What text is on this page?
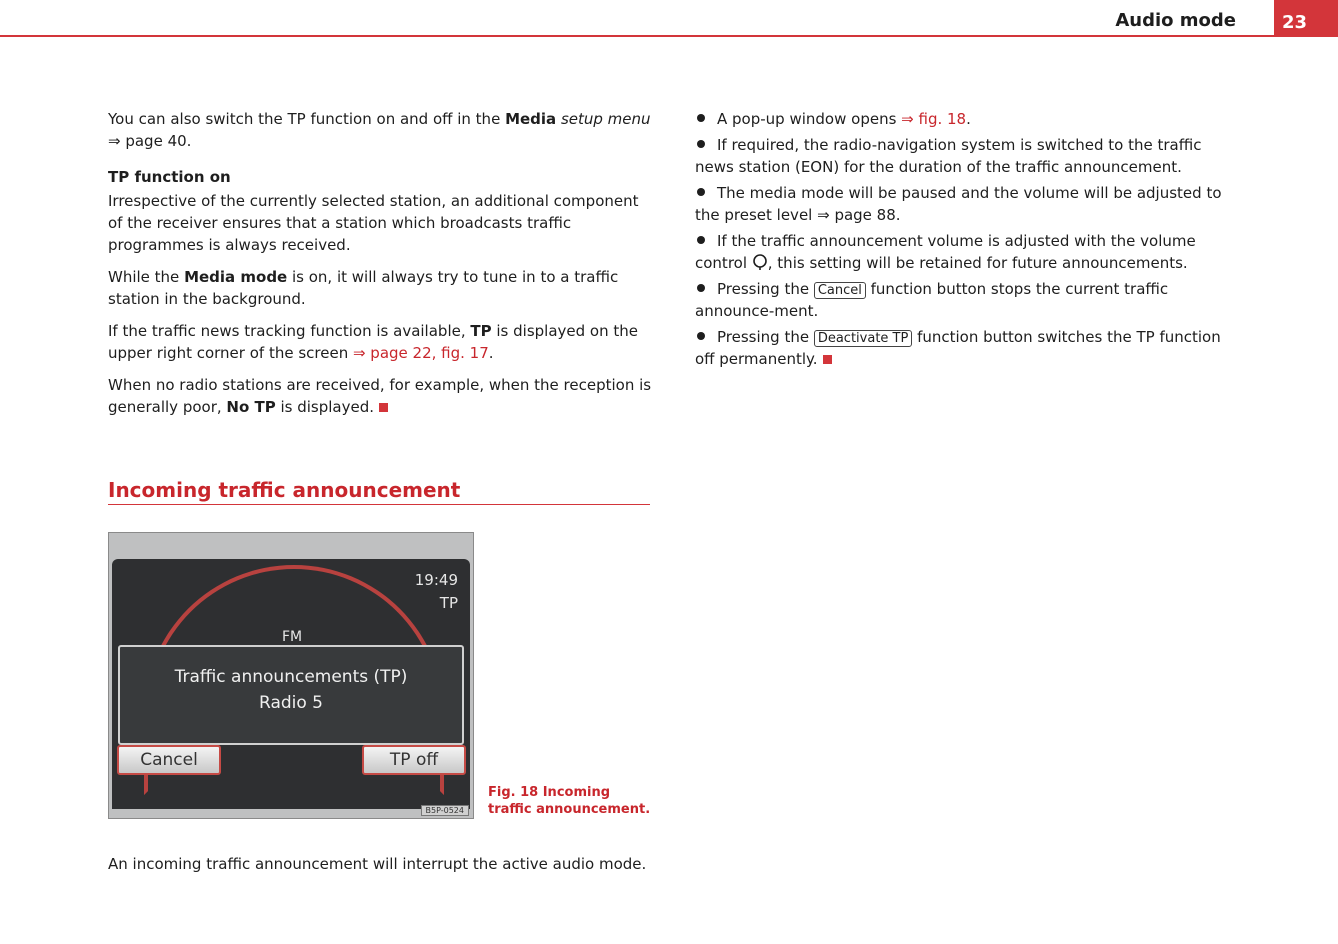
Audio mode	23

You can also switch the TP function on and off in the Media setup menu
⇒ page 40.

TP function on

Irrespective of the currently selected station, an additional component of the receiver ensures that a station which broadcasts traffic programmes is always received.

While the Media mode is on, it will always try to tune in to a traffic station in the background.

If the traffic news tracking function is available, TP is displayed on the upper right corner of the screen ⇒ page 22, fig. 17.

When no radio stations are received, for example, when the reception is generally poor, No TP is displayed.

Incoming traffic announcement
19:49
TP
FM
Traffic announcements (TP)
Radio 5
Cancel	TP off
B5P-0524
Fig. 18 Incoming traffic announcement.
An incoming traffic announcement will interrupt the active audio mode.

A pop-up window opens ⇒ fig. 18.

If required, the radio-navigation system is switched to the traffic news station (EON) for the duration of the traffic announcement.

The media mode will be paused and the volume will be adjusted to the preset level ⇒ page 88.

If the traffic announcement volume is adjusted with the volume control , this setting will be retained for future announcements.

Pressing the Cancel function button stops the current traffic announce-ment.

Pressing the Deactivate TP function button switches the TP function off permanently.
